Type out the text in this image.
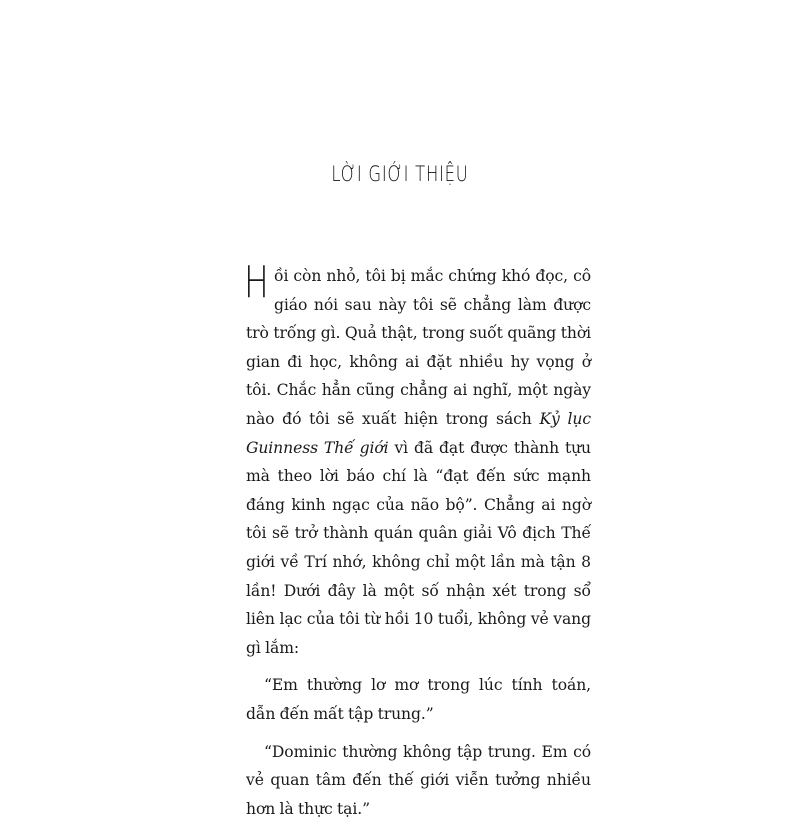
LỜI GIỚI THIỆU

Hồi còn nhỏ, tôi bị mắc chứng khó đọc, cô giáo nói sau này tôi sẽ chẳng làm được trò trống gì. Quả thật, trong suốt quãng thời gian đi học, không ai đặt nhiều hy vọng ở tôi. Chắc hẳn cũng chẳng ai nghĩ, một ngày nào đó tôi sẽ xuất hiện trong sách Kỷ lục Guinness Thế giới vì đã đạt được thành tựu mà theo lời báo chí là “đạt đến sức mạnh đáng kinh ngạc của não bộ”. Chẳng ai ngờ tôi sẽ trở thành quán quân giải Vô địch Thế giới về Trí nhớ, không chỉ một lần mà tận 8 lần! Dưới đây là một số nhận xét trong sổ liên lạc của tôi từ hồi 10 tuổi, không vẻ vang gì lắm:

“Em thường lơ mơ trong lúc tính toán, dẫn đến mất tập trung.”

“Dominic thường không tập trung. Em có vẻ quan tâm đến thế giới viễn tưởng nhiều hơn là thực tại.”
